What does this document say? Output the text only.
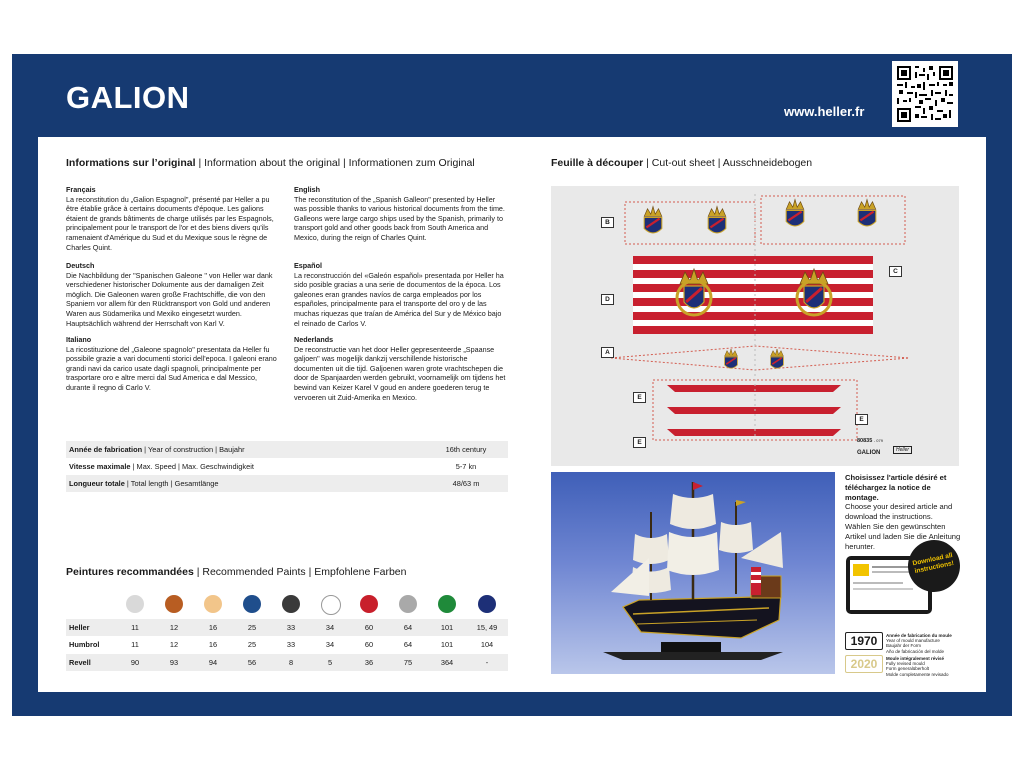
GALION	www.heller.fr
Informations sur l’original | Information about the original | Informationen zum Original
Français
La reconstitution du „Galion Espagnol", présenté par Heller a pu être établie grâce à certains documents d'époque. Les galions étaient de grands bâtiments de charge utilisés par les Espagnols, principalement pour le transport de l'or et des biens divers qu'ils ramenaient d'Amérique du Sud et du Mexique sous le règne de Charles Quint.
Deutsch
Die Nachbildung der "Spanischen Galeone " von Heller war dank verschiedener historischer Dokumente aus der damaligen Zeit möglich. Die Galeonen waren große Frachtschiffe, die von den Spaniern vor allem für den Rücktransport von Gold und anderen Waren aus Südamerika und Mexiko eingesetzt wurden. Hauptsächlich während der Herrschaft von Karl V.
Italiano
La ricostituzione del „Galeone spagnolo" presentata da Heller fu possibile grazie a vari documenti storici dell'epoca. I galeoni erano grandi navi da carico usate dagli spagnoli, principalmente per trasportare oro e altre merci dal Sud America e dal Messico, durante il regno di Carlo V.
English
The reconstitution of the „Spanish Galleon" presented by Heller was possible thanks to various historical documents from the time. Galleons were large cargo ships used by the Spanish, primarily to transport gold and other goods back from South America and Mexico, during the reign of Charles Quint.
Español
La reconstrucción del «Galeón español» presentada por Heller ha sido posible gracias a una serie de documentos de la época. Los galeones eran grandes navíos de carga empleados por los españoles, principalmente para el transporte del oro y de las muchas riquezas que traían de América del Sur y de México bajo el reinado de Carlos V.
Nederlands
De reconstructie van het door Heller gepresenteerde „Spaanse galjoen" was mogelijk dankzij verschillende historische documenten uit die tijd. Galjoenen waren grote vrachtschepen die door de Spanjaarden werden gebruikt, voornamelijk om tijdens het bewind van Keizer Karel V goud en andere goederen terug te vervoeren uit Zuid-Amerika en Mexico.
Année de fabrication | Year of construction | Baujahr	16th century
Vitesse maximale | Max. Speed | Max. Geschwindigkeit	5-7 kn
Longueur totale | Total length | Gesamtlänge	48/63 m
Peintures recommandées | Recommended Paints | Empfohlene Farben
Heller	11	12	16	25	33	34	60	64	101	15, 49
Humbrol	11	12	16	25	33	34	60	64	101	104
Revell	90	93	94	56	8	5	36	75	364	-
Feuille à découper | Cut-out sheet | Ausschneidebogen
B
C
D
A
E
E
E	80835 - 079
GALION	Heller
Choisissez l'article désiré et téléchargez la notice de montage.
Choose your desired article and download the instructions.
Wählen Sie den gewünschten Artikel und laden Sie die Anleitung herunter.
Download all instructions!
1970	Année de fabrication du moule
Year of mould manufacture
Baujahr der Form
Año de fabricación del molde
2020	Moule intégralement révisé
Fully revised mould
Form generalüberholt
Molde completamente revisado
